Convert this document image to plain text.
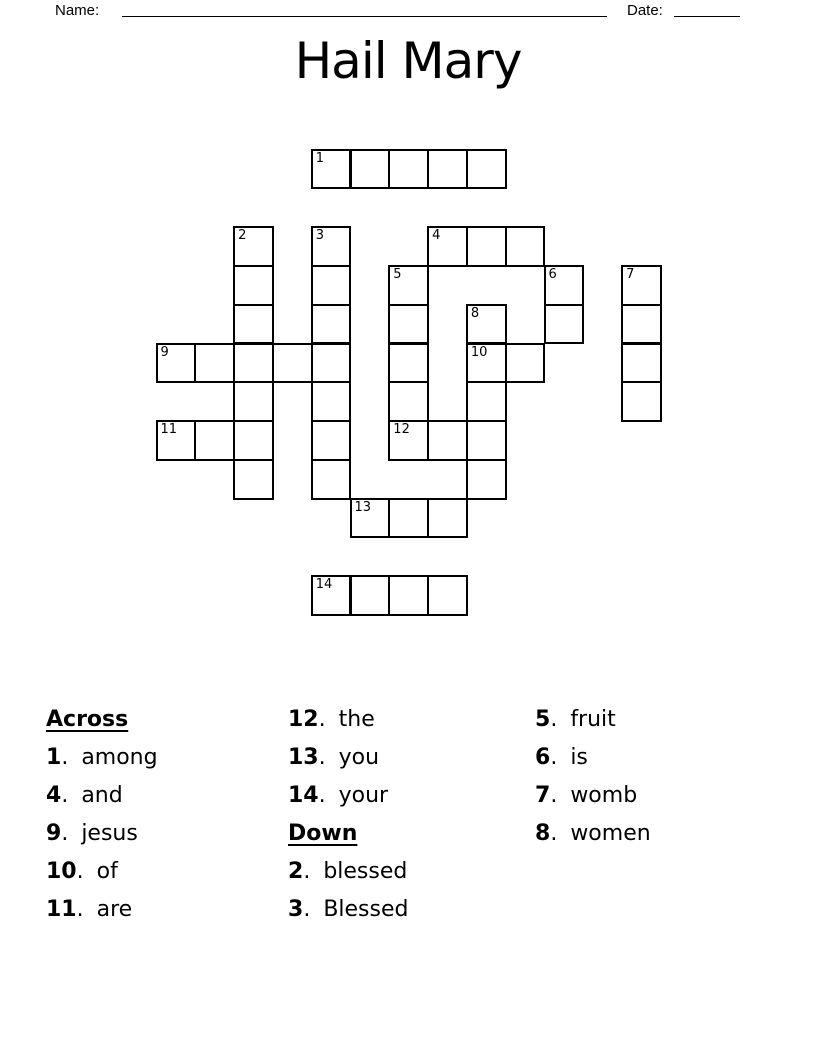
Name:	Date:
Hail Mary
1
2	3	4
5	6	7
8
9	10
11	12
13
14
Across
1. among
4. and
9. jesus
10. of
11. are
12. the
13. you
14. your
Down
2. blessed
3. Blessed
5. fruit
6. is
7. womb
8. women
